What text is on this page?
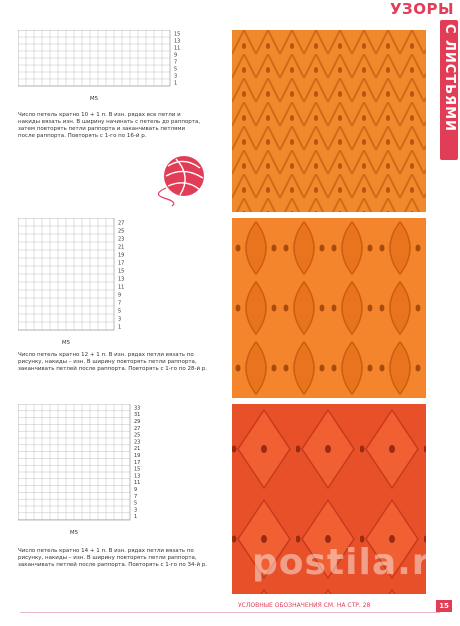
УЗОРЫ
С ЛИСТЬЯМИ
15
13
11
9
7
5
3
1
M5
Число петель кратно 10 + 1 п. В изн. рядах все петли и накиды вязать изн. В ширину начинать с петель до раппорта, затем повторять петли раппорта и заканчивать петлями после раппорта. Повторять с 1-го по 16-й р.
27
25
23
21
19
17
15
13
11
9
7
5
3
1
M5
Число петель кратно 12 + 1 п. В изн. рядах петли вязать по рисунку, накиды – изн. В ширину повторять петли раппорта, заканчивать петлей после раппорта. Повторять с 1-го по 28-й р.
33
31
29
27
25
23
21
19
17
15
13
11
9
7
5
3
1
M5
Число петель кратно 14 + 1 п. В изн. рядах петли вязать по рисунку, накиды – изн. В ширину повторять петли раппорта, заканчивать петлей после раппорта. Повторять с 1-го по 34-й р. postila.ru
УСЛОВНЫЕ ОБОЗНАЧЕНИЯ СМ. НА СТР. 28	15
